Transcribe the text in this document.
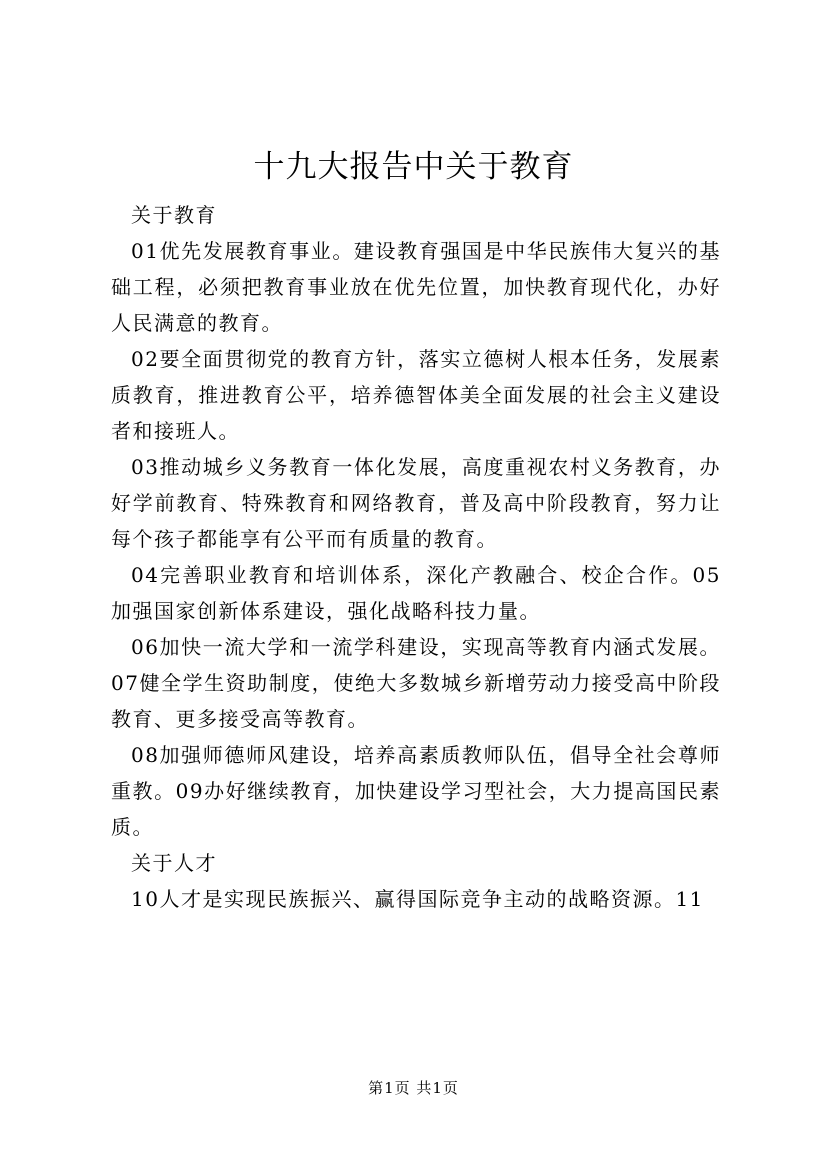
十九大报告中关于教育

关于教育

01优先发展教育事业。建设教育强国是中华民族伟大复兴的基础工程，必须把教育事业放在优先位置，加快教育现代化，办好人民满意的教育。

02要全面贯彻党的教育方针，落实立德树人根本任务，发展素质教育，推进教育公平，培养德智体美全面发展的社会主义建设者和接班人。

03推动城乡义务教育一体化发展，高度重视农村义务教育，办好学前教育、特殊教育和网络教育，普及高中阶段教育，努力让每个孩子都能享有公平而有质量的教育。

04完善职业教育和培训体系，深化产教融合、校企合作。05加强国家创新体系建设，强化战略科技力量。

06加快一流大学和一流学科建设，实现高等教育内涵式发展。07健全学生资助制度，使绝大多数城乡新增劳动力接受高中阶段教育、更多接受高等教育。

08加强师德师风建设，培养高素质教师队伍，倡导全社会尊师重教。09办好继续教育，加快建设学习型社会，大力提高国民素质。

关于人才

10人才是实现民族振兴、赢得国际竞争主动的战略资源。11

第1页 共1页
